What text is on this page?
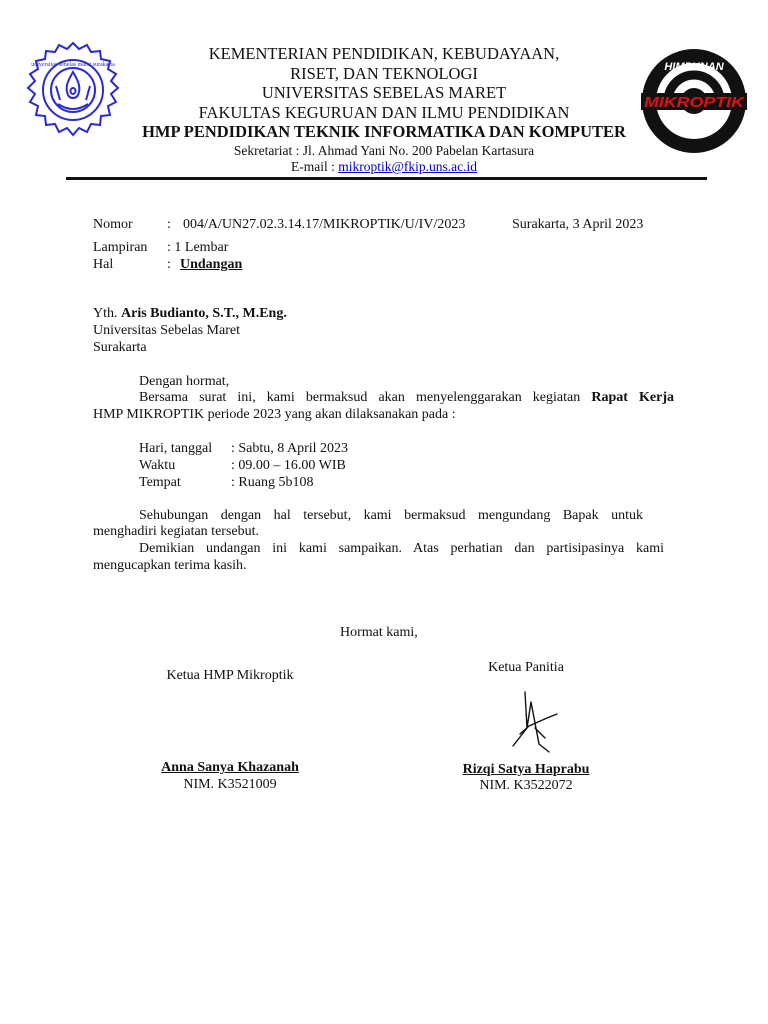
universitas sebelas maret surakarta	HIMPUNAN
MIKROPTIK
KEMENTERIAN PENDIDIKAN, KEBUDAYAAN,
RISET, DAN TEKNOLOGI
UNIVERSITAS SEBELAS MARET
FAKULTAS KEGURUAN DAN ILMU PENDIDIKAN
HMP PENDIDIKAN TEKNIK INFORMATIKA DAN KOMPUTER
Sekretariat : Jl. Ahmad Yani No. 200 Pabelan Kartasura
E-mail : mikroptik@fkip.uns.ac.id
Nomor : 004/A/UN27.02.3.14.17/MIKROPTIK/U/IV/2023	Surakarta, 3 April 2023
Lampiran : 1 Lembar
Hal	: Undangan
Yth. Aris Budianto, S.T., M.Eng.
Universitas Sebelas Maret
Surakarta
Dengan hormat,
Bersama surat ini, kami bermaksud akan menyelenggarakan kegiatan Rapat Kerja
HMP MIKROPTIK periode 2023 yang akan dilaksanakan pada :
Hari, tanggal : Sabtu, 8 April 2023
Waktu	: 09.00 – 16.00 WIB
Tempat	: Ruang 5b108
Sehubungan dengan hal tersebut, kami bermaksud mengundang Bapak untuk
menghadiri kegiatan tersebut.
Demikian undangan ini kami sampaikan. Atas perhatian dan partisipasinya kami
mengucapkan terima kasih.
Hormat kami,
Ketua HMP Mikroptik
Anna Sanya Khazanah
NIM. K3521009
Ketua Panitia
Rizqi Satya Haprabu
NIM. K3522072
